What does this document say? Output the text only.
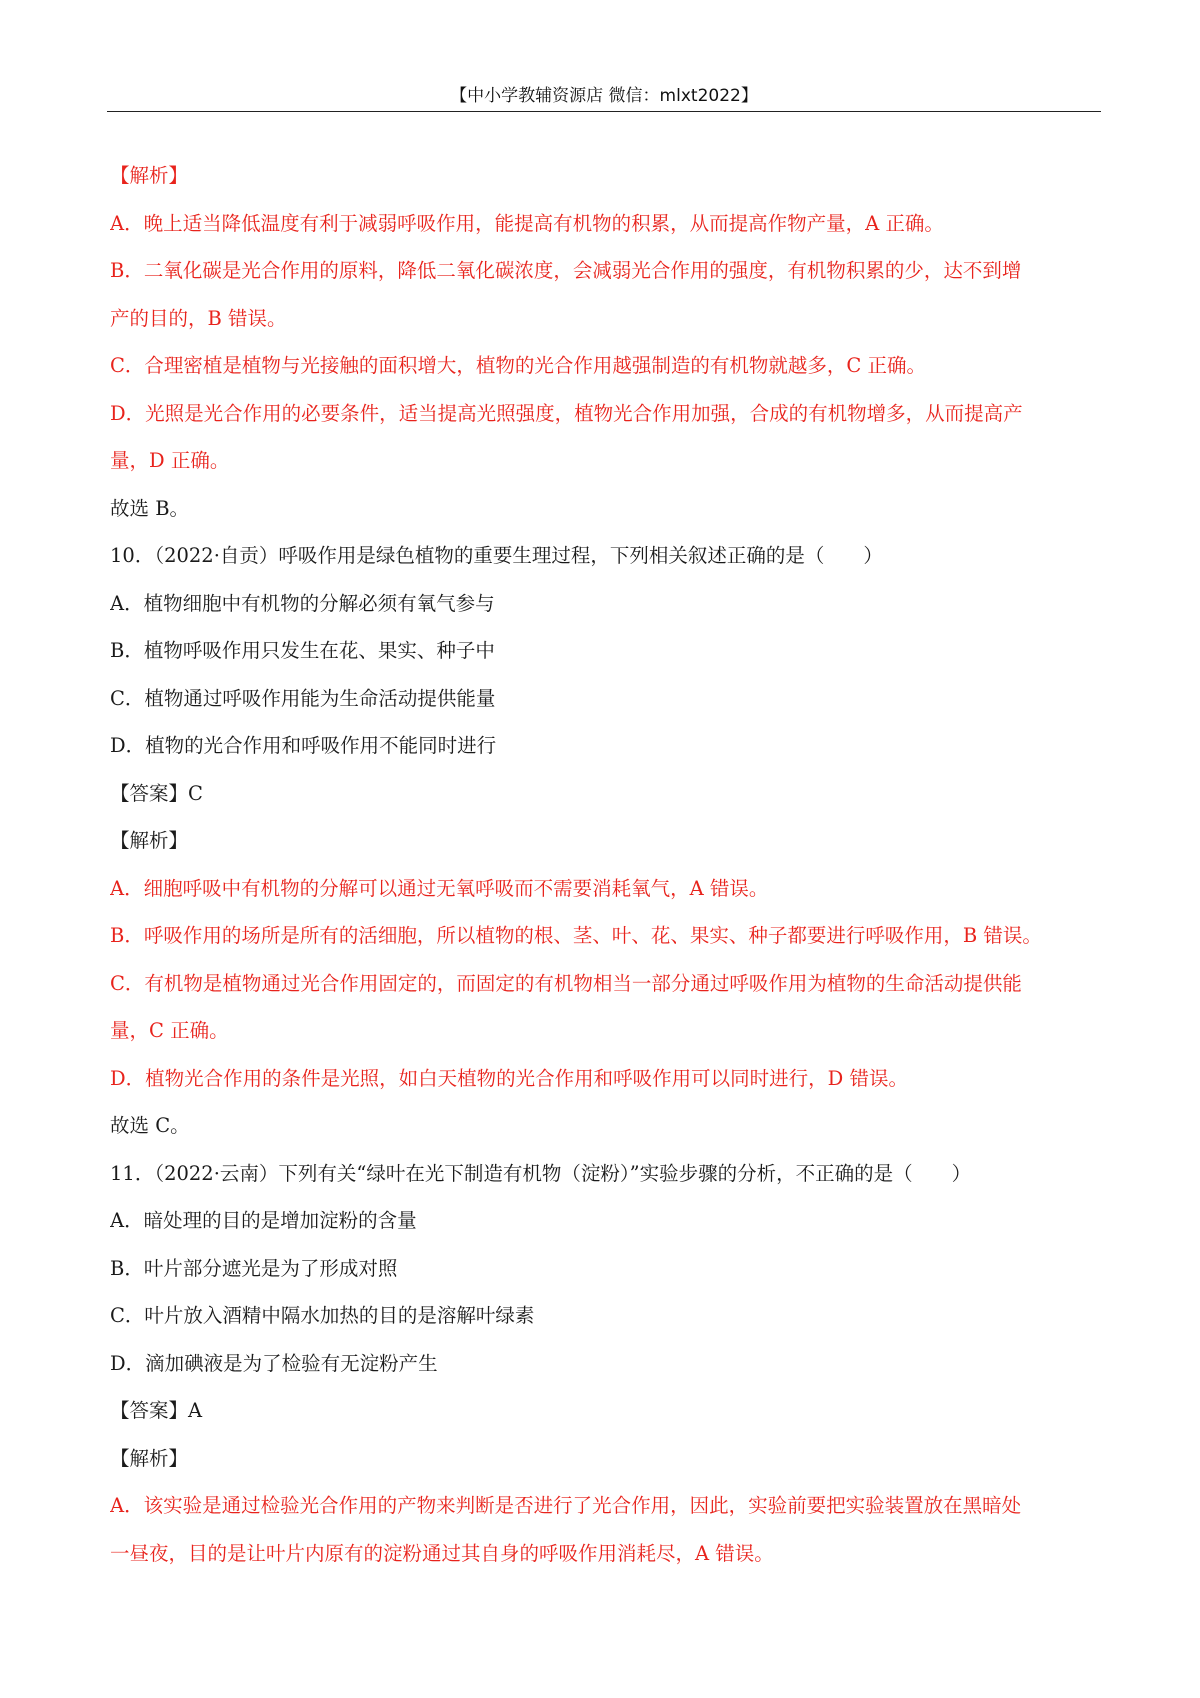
【中小学教辅资源店 微信：mlxt2022】
【解析】
A．晚上适当降低温度有利于减弱呼吸作用，能提高有机物的积累，从而提高作物产量，A 正确。
B．二氧化碳是光合作用的原料，降低二氧化碳浓度，会减弱光合作用的强度，有机物积累的少，达不到增
产的目的，B 错误。
C．合理密植是植物与光接触的面积增大，植物的光合作用越强制造的有机物就越多，C 正确。
D．光照是光合作用的必要条件，适当提高光照强度，植物光合作用加强，合成的有机物增多，从而提高产
量，D 正确。
故选 B。
10．（2022·自贡）呼吸作用是绿色植物的重要生理过程，下列相关叙述正确的是（　　）
A．植物细胞中有机物的分解必须有氧气参与
B．植物呼吸作用只发生在花、果实、种子中
C．植物通过呼吸作用能为生命活动提供能量
D．植物的光合作用和呼吸作用不能同时进行
【答案】C
【解析】
A．细胞呼吸中有机物的分解可以通过无氧呼吸而不需要消耗氧气，A 错误。
B．呼吸作用的场所是所有的活细胞，所以植物的根、茎、叶、花、果实、种子都要进行呼吸作用，B 错误。
C．有机物是植物通过光合作用固定的，而固定的有机物相当一部分通过呼吸作用为植物的生命活动提供能
量，C 正确。
D．植物光合作用的条件是光照，如白天植物的光合作用和呼吸作用可以同时进行，D 错误。
故选 C。
11．（2022·云南）下列有关“绿叶在光下制造有机物（淀粉）”实验步骤的分析，不正确的是（　　）
A．暗处理的目的是增加淀粉的含量
B．叶片部分遮光是为了形成对照
C．叶片放入酒精中隔水加热的目的是溶解叶绿素
D．滴加碘液是为了检验有无淀粉产生
【答案】A
【解析】
A．该实验是通过检验光合作用的产物来判断是否进行了光合作用，因此，实验前要把实验装置放在黑暗处
一昼夜，目的是让叶片内原有的淀粉通过其自身的呼吸作用消耗尽，A 错误。
